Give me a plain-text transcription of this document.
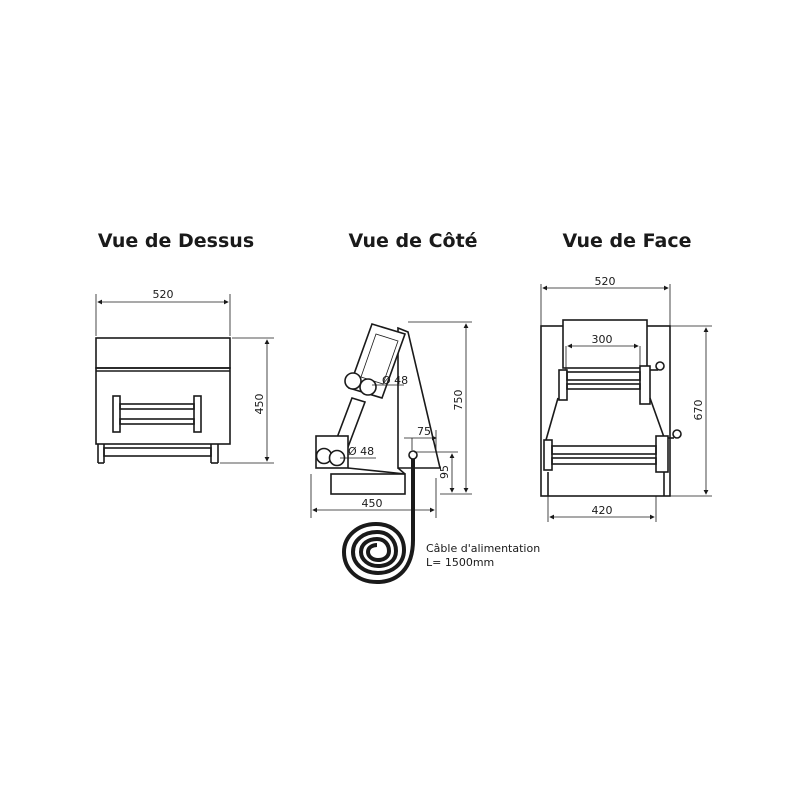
Vue de Dessus	Vue de Côté	Vue de Face
520
450
Ø 48
Ø 48
750
75
95
450
Câble d'alimentation
L= 1500mm
520
300
670
420
